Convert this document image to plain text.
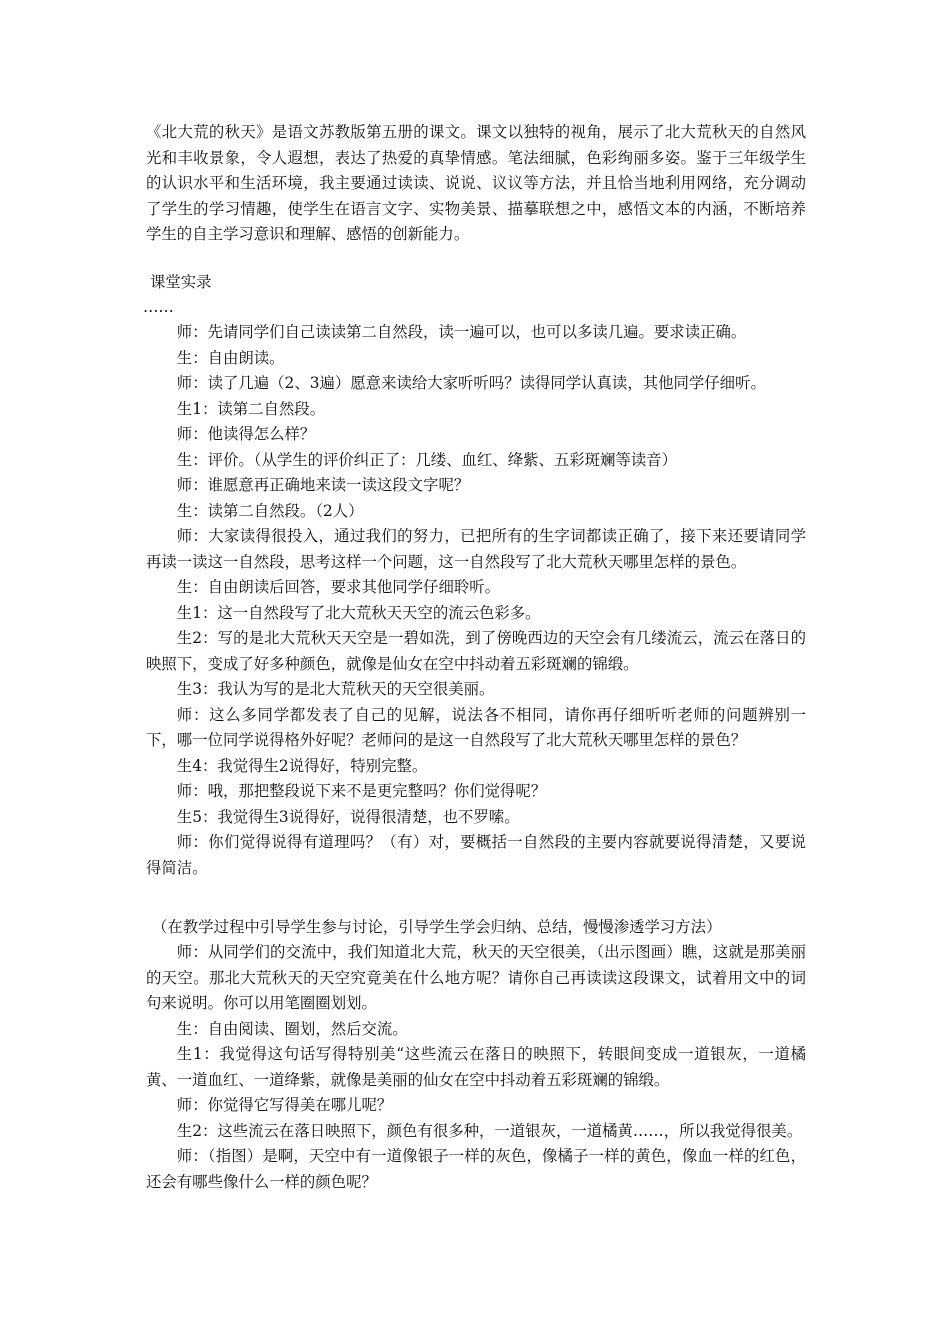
《北大荒的秋天》是语文苏教版第五册的课文。课文以独特的视角，展示了北大荒秋天的自然风光和丰收景象，令人遐想，表达了热爱的真挚情感。笔法细腻，色彩绚丽多姿。鉴于三年级学生的认识水平和生活环境，我主要通过读读、说说、议议等方法，并且恰当地利用网络，充分调动了学生的学习情趣，使学生在语言文字、实物美景、描摹联想之中，感悟文本的内涵，不断培养学生的自主学习意识和理解、感悟的创新能力。

课堂实录

……

师：先请同学们自己读读第二自然段，读一遍可以，也可以多读几遍。要求读正确。

生：自由朗读。

师：读了几遍（2、3遍）愿意来读给大家听听吗？读得同学认真读，其他同学仔细听。

生1：读第二自然段。

师：他读得怎么样？

生：评价。（从学生的评价纠正了：几缕、血红、绛紫、五彩斑斓等读音）

师：谁愿意再正确地来读一读这段文字呢？

生：读第二自然段。（2人）

师：大家读得很投入，通过我们的努力，已把所有的生字词都读正确了，接下来还要请同学再读一读这一自然段，思考这样一个问题，这一自然段写了北大荒秋天哪里怎样的景色。

生：自由朗读后回答，要求其他同学仔细聆听。

生1：这一自然段写了北大荒秋天天空的流云色彩多。

生2：写的是北大荒秋天天空是一碧如洗，到了傍晚西边的天空会有几缕流云，流云在落日的映照下，变成了好多种颜色，就像是仙女在空中抖动着五彩斑斓的锦缎。

生3：我认为写的是北大荒秋天的天空很美丽。

师：这么多同学都发表了自己的见解，说法各不相同，请你再仔细听听老师的问题辨别一下，哪一位同学说得格外好呢？老师问的是这一自然段写了北大荒秋天哪里怎样的景色？

生4：我觉得生2说得好，特别完整。

师：哦，那把整段说下来不是更完整吗？你们觉得呢？

生5：我觉得生3说得好，说得很清楚，也不罗嗦。

师：你们觉得说得有道理吗？（有）对，要概括一自然段的主要内容就要说得清楚，又要说得简洁。

（在教学过程中引导学生参与讨论，引导学生学会归纳、总结，慢慢渗透学习方法）

师：从同学们的交流中，我们知道北大荒，秋天的天空很美，（出示图画）瞧，这就是那美丽的天空。那北大荒秋天的天空究竟美在什么地方呢？请你自己再读读这段课文，试着用文中的词句来说明。你可以用笔圈圈划划。

生：自由阅读、圈划，然后交流。

生1：我觉得这句话写得特别美“这些流云在落日的映照下，转眼间变成一道银灰，一道橘黄、一道血红、一道绛紫，就像是美丽的仙女在空中抖动着五彩斑斓的锦缎。

师：你觉得它写得美在哪儿呢？

生2：这些流云在落日映照下，颜色有很多种，一道银灰，一道橘黄……，所以我觉得很美。

师：（指图）是啊，天空中有一道像银子一样的灰色，像橘子一样的黄色，像血一样的红色，还会有哪些像什么一样的颜色呢？
